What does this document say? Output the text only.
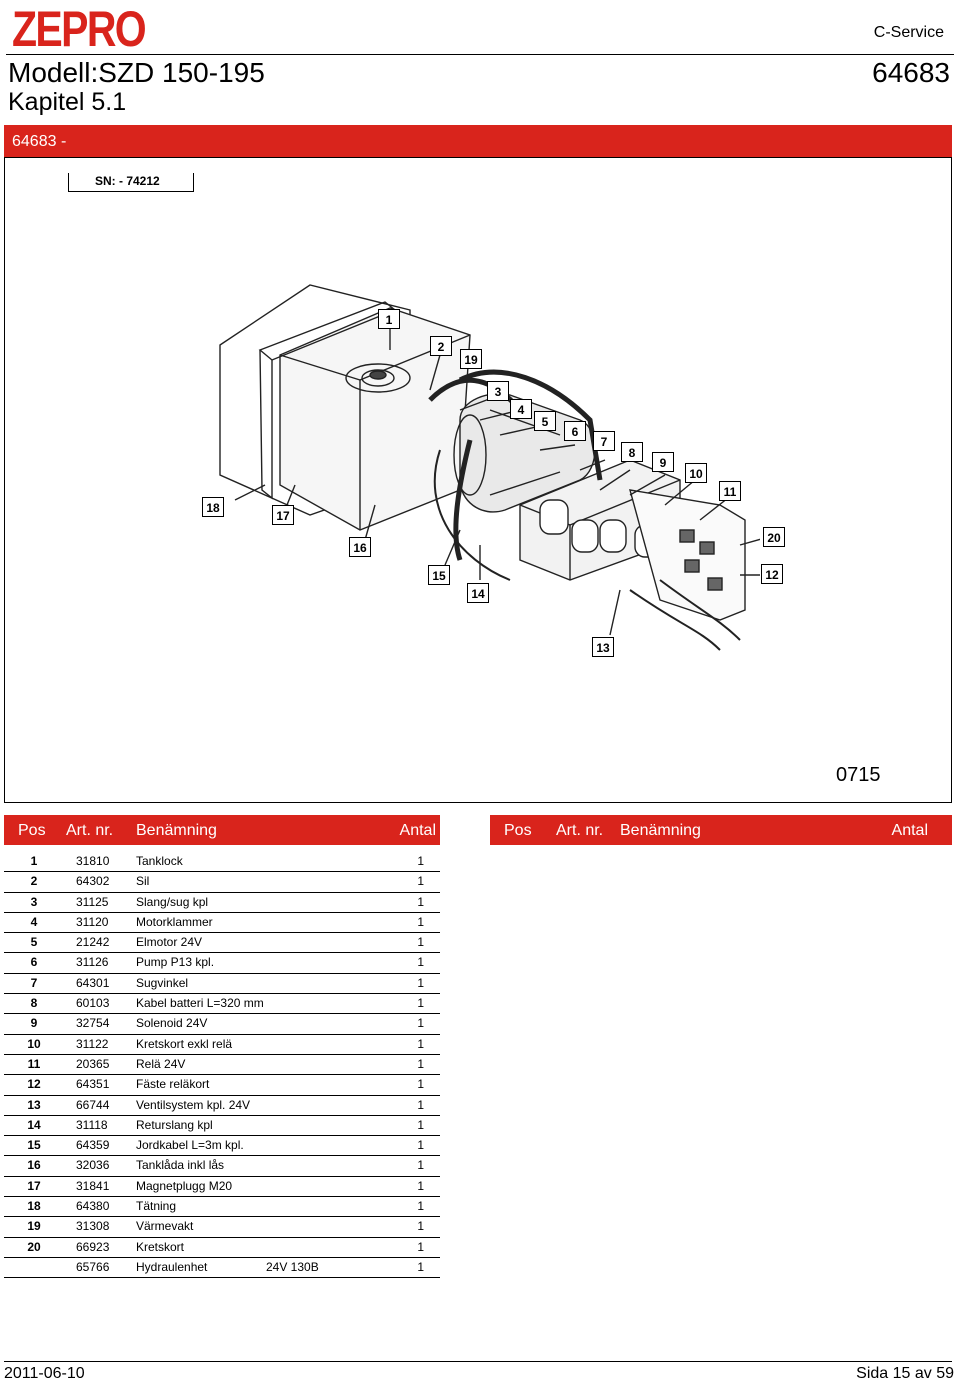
ZEPRO	C-Service
Modell:SZD 150-195
Kapitel 5.1
64683
64683 -
SN: - 74212
1
2
19
3
4
5
6
7
8
9
10
11
20
12
18
17
16
15
14
13
0715
Pos Art. nr. Benämning	Antal	Pos Art. nr. Benämning	Antal
1	31810 Tanklock	1
2	64302 Sil	1
3	31125 Slang/sug kpl	1
4	31120 Motorklammer	1
5	21242 Elmotor 24V	1
6	31126 Pump P13 kpl.	1
7	64301 Sugvinkel	1
8	60103 Kabel batteri L=320 mm	1
9	32754 Solenoid 24V	1
10	31122 Kretskort exkl relä	1
11	20365 Relä 24V	1
12	64351 Fäste reläkort	1
13	66744 Ventilsystem kpl. 24V	1
14	31118 Returslang kpl	1
15	64359 Jordkabel L=3m kpl.	1
16	32036 Tanklåda inkl lås	1
17	31841 Magnetplugg M20	1
18	64380 Tätning	1
19	31308 Värmevakt	1
20	66923 Kretskort	1
65766 Hydraulenhet	24V 130B	1
2011-06-10	Sida 15 av 59
